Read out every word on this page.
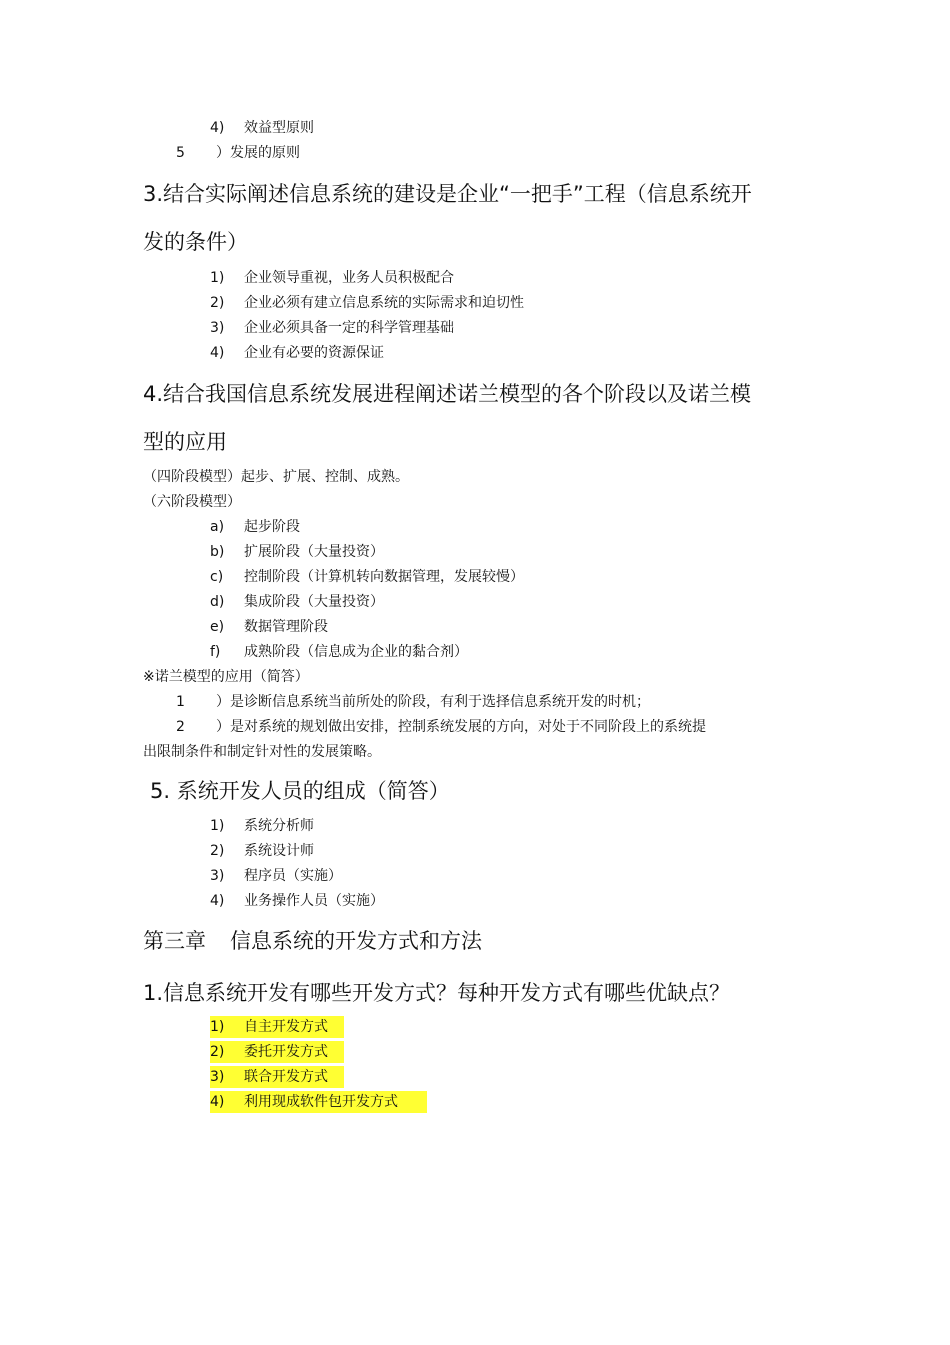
4) 效益型原则
5 ）发展的原则
3.结合实际阐述信息系统的建设是企业“一把手”工程（信息系统开
发的条件）
1) 企业领导重视，业务人员积极配合
2) 企业必须有建立信息系统的实际需求和迫切性
3) 企业必须具备一定的科学管理基础
4) 企业有必要的资源保证
4.结合我国信息系统发展进程阐述诺兰模型的各个阶段以及诺兰模
型的应用
（四阶段模型）起步、扩展、控制、成熟。
（六阶段模型）
a) 起步阶段
b) 扩展阶段（大量投资）
c) 控制阶段（计算机转向数据管理，发展较慢）
d) 集成阶段（大量投资）
e) 数据管理阶段
f) 成熟阶段（信息成为企业的黏合剂）
※诺兰模型的应用（简答）
1 ）是诊断信息系统当前所处的阶段，有利于选择信息系统开发的时机；
2 ）是对系统的规划做出安排，控制系统发展的方向，对处于不同阶段上的系统提
出限制条件和制定针对性的发展策略。
5. 系统开发人员的组成（简答）
1) 系统分析师
2) 系统设计师
3) 程序员（实施）
4) 业务操作人员（实施）
第三章 信息系统的开发方式和方法
1.信息系统开发有哪些开发方式？每种开发方式有哪些优缺点？
1) 自主开发方式
2) 委托开发方式
3) 联合开发方式
4) 利用现成软件包开发方式
